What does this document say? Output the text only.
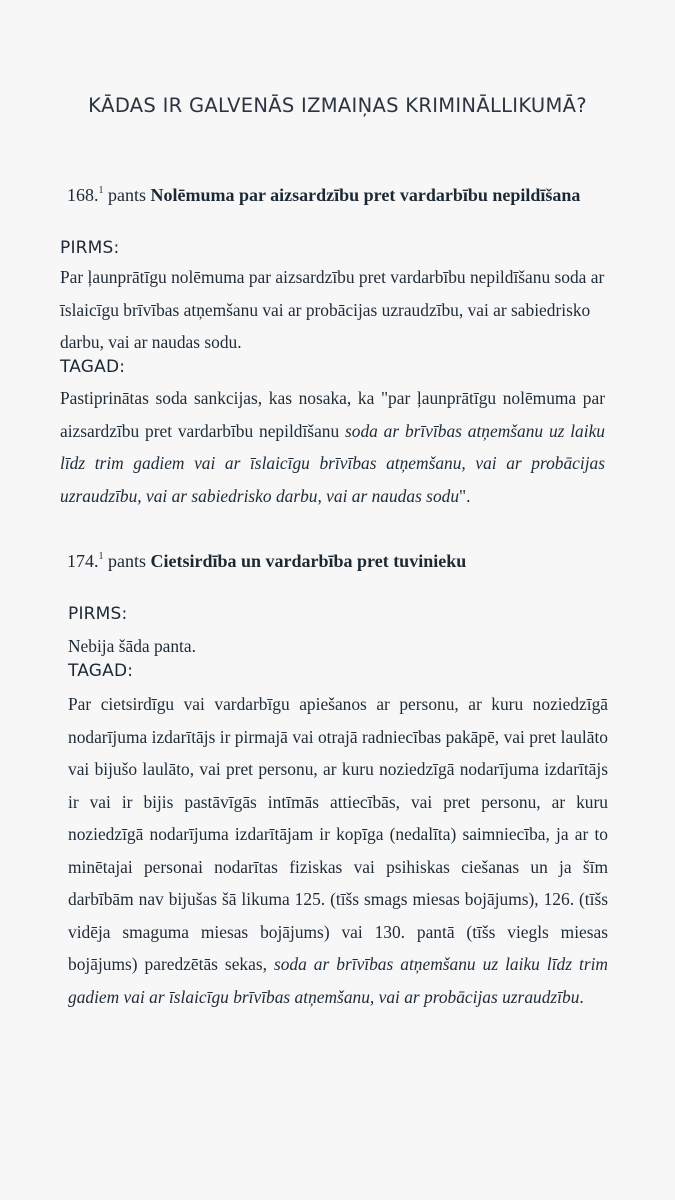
KĀDAS IR GALVENĀS IZMAIŅAS KRIMINĀLLIKUMĀ?
168.$^1$ pants Nolēmuma par aizsardzību pret vardarbību nepildīšana
PIRMS:
Par ļaunprātīgu nolēmuma par aizsardzību pret vardarbību nepildīšanu soda ar īslaicīgu brīvības atņemšanu vai ar probācijas uzraudzību, vai ar sabiedrisko darbu, vai ar naudas sodu.
TAGAD:
Pastiprinātas soda sankcijas, kas nosaka, ka "par ļaunprātīgu nolēmuma par aizsardzību pret vardarbību nepildīšanu soda ar brīvības atņemšanu uz laiku līdz trim gadiem vai ar īslaicīgu brīvības atņemšanu, vai ar probācijas uzraudzību, vai ar sabiedrisko darbu, vai ar naudas sodu".
174.$^1$ pants Cietsirdība un vardarbība pret tuvinieku
PIRMS:
Nebija šāda panta.
TAGAD:
Par cietsirdīgu vai vardarbīgu apiešanos ar personu, ar kuru noziedzīgā nodarījuma izdarītājs ir pirmajā vai otrajā radniecības pakāpē, vai pret laulāto vai bijušo laulāto, vai pret personu, ar kuru noziedzīgā nodarījuma izdarītājs ir vai ir bijis pastāvīgās intīmās attiecībās, vai pret personu, ar kuru noziedzīgā nodarījuma izdarītājam ir kopīga (nedalīta) saimniecība, ja ar to minētajai personai nodarītas fiziskas vai psihiskas ciešanas un ja šīm darbībām nav bijušas šā likuma 125. (tīšs smags miesas bojājums), 126. (tīšs vidēja smaguma miesas bojājums) vai 130. pantā (tīšs viegls miesas bojājums) paredzētās sekas, soda ar brīvības atņemšanu uz laiku līdz trim gadiem vai ar īslaicīgu brīvības atņemšanu, vai ar probācijas uzraudzību.
